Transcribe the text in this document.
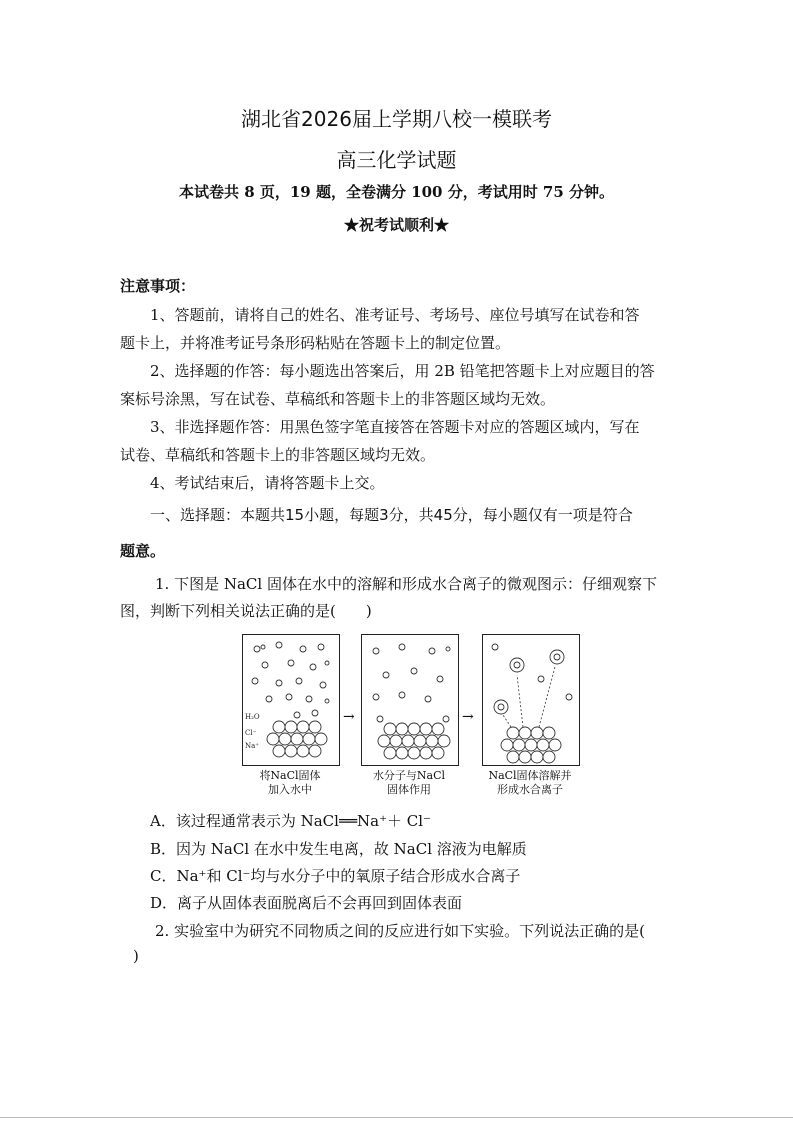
湖北省2026届上学期八校一模联考
高三化学试题
本试卷共 8 页，19 题，全卷满分 100 分，考试用时 75 分钟。
★祝考试顺利★
注意事项：
1、答题前，请将自己的姓名、准考证号、考场号、座位号填写在试卷和答
题卡上，并将准考证号条形码粘贴在答题卡上的制定位置。
2、选择题的作答：每小题选出答案后，用 2B 铅笔把答题卡上对应题目的答
案标号涂黑，写在试卷、草稿纸和答题卡上的非答题区域均无效。
3、非选择题作答：用黑色签字笔直接答在答题卡对应的答题区域内，写在
试卷、草稿纸和答题卡上的非答题区域均无效。
4、考试结束后，请将答题卡上交。
一、选择题：本题共15小题，每题3分，共45分，每小题仅有一项是符合
题意。
1. 下图是 NaCl 固体在水中的溶解和形成水合离子的微观图示：仔细观察下
图，判断下列相关说法正确的是(　　)
H₂O
Cl⁻
Na⁺
→	→
将NaCl固体
加入水中
水分子与NaCl
固体作用
NaCl固体溶解并
形成水合离子
A．该过程通常表示为 NaCl══Na⁺＋ Cl⁻
B．因为 NaCl 在水中发生电离，故 NaCl 溶液为电解质
C．Na⁺和 Cl⁻均与水分子中的氧原子结合形成水合离子
D．离子从固体表面脱离后不会再回到固体表面
2. 实验室中为研究不同物质之间的反应进行如下实验。下列说法正确的是(
)
